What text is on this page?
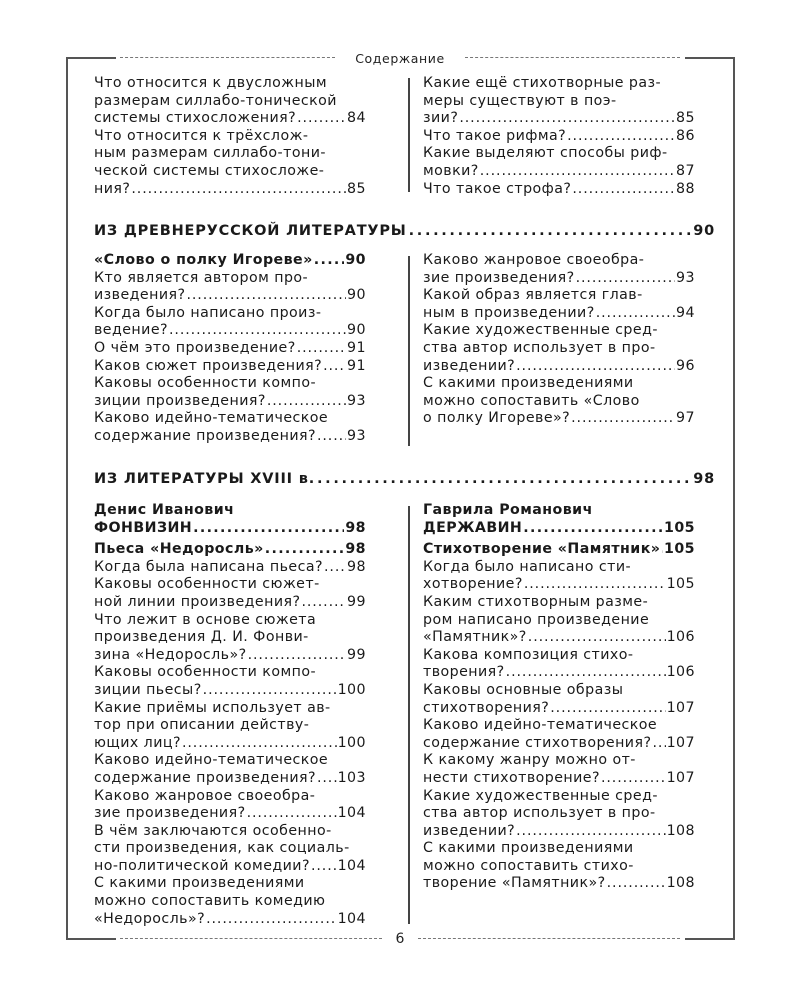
Содержание
6
Что относится к двусложным
размерам силлабо-тонической
системы стихосложения? . . .	84
Что относится к трёхслож-
ным размерам силлабо-тони-
ческой системы стихосложе-
ния? . . .	85
Какие ещё стихотворные раз-
меры существуют в поэ-
зии? . . .	85
Что такое рифма? . . .	86
Какие выделяют способы риф-
мовки? . . .	87
Что такое строфа? . . .	88
ИЗ ДРЕВНЕРУССКОЙ ЛИТЕРАТУРЫ . . .	90
«Слово о полку Игореве» . . . 90
Кто является автором про-
изведения? . . .	90
Когда было написано произ-
ведение? . . .	90
О чём это произведение? . . .	91
Каков сюжет произведения? . . . 91
Каковы особенности компо-
зиции произведения? . . .	93
Каково идейно-тематическое
содержание произведения? . . . 93
Каково жанровое своеобра-
зие произведения? . . .	93
Какой образ является глав-
ным в произведении? . . .	94
Какие художественные сред-
ства автор использует в про-
изведении? . . .	96
С какими произведениями
можно сопоставить «Слово
о полку Игореве»? . . .	97
ИЗ ЛИТЕРАТУРЫ XVIII в. . . .	98
Денис Иванович
ФОНВИЗИН . . .	98
Пьеса «Недоросль» . . .	98
Когда была написана пьеса? . . . 98
Каковы особенности сюжет-
ной линии произведения? . . .	99
Что лежит в основе сюжета
произведения Д. И. Фонви-
зина «Недоросль»? . . .	99
Каковы особенности компо-
зиции пьесы? . . .	100
Какие приёмы использует ав-
тор при описании действу-
ющих лиц? . . .	100
Каково идейно-тематическое
содержание произведения? . . . 103
Каково жанровое своеобра-
зие произведения? . . .	104
В чём заключаются особенно-
сти произведения, как социаль-
но-политической комедии? . . . 104
С какими произведениями
можно сопоставить комедию
«Недоросль»? . . .	104
Гаврила Романович
ДЕРЖАВИН . . .	105
Стихотворение «Памятник» . . . 105
Когда было написано сти-
хотворение? . . .	105
Каким стихотворным разме-
ром написано произведение
«Памятник»? . . .	106
Какова композиция стихо-
творения? . . .	106
Каковы основные образы
стихотворения? . . .	107
Каково идейно-тематическое
содержание стихотворения? . . . 107
К какому жанру можно от-
нести стихотворение? . . .	107
Какие художественные сред-
ства автор использует в про-
изведении? . . .	108
С какими произведениями
можно сопоставить стихо-
творение «Памятник»? . . .	108
